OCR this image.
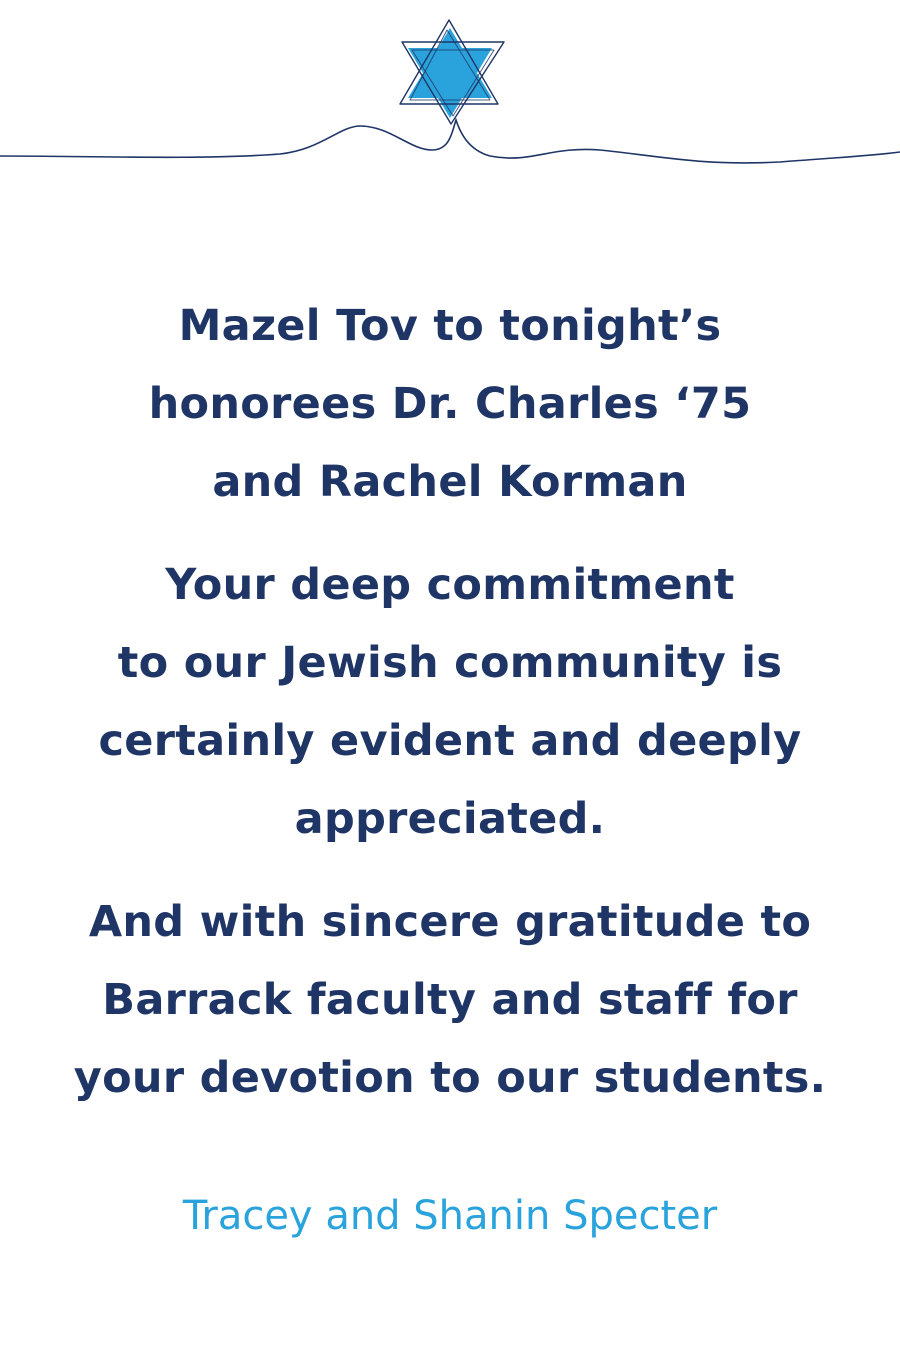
Mazel Tov to tonight’s
honorees Dr. Charles ‘75
and Rachel Korman
Your deep commitment
to our Jewish community is
certainly evident and deeply
appreciated.
And with sincere gratitude to
Barrack faculty and staff for
your devotion to our students.
Tracey and Shanin Specter
